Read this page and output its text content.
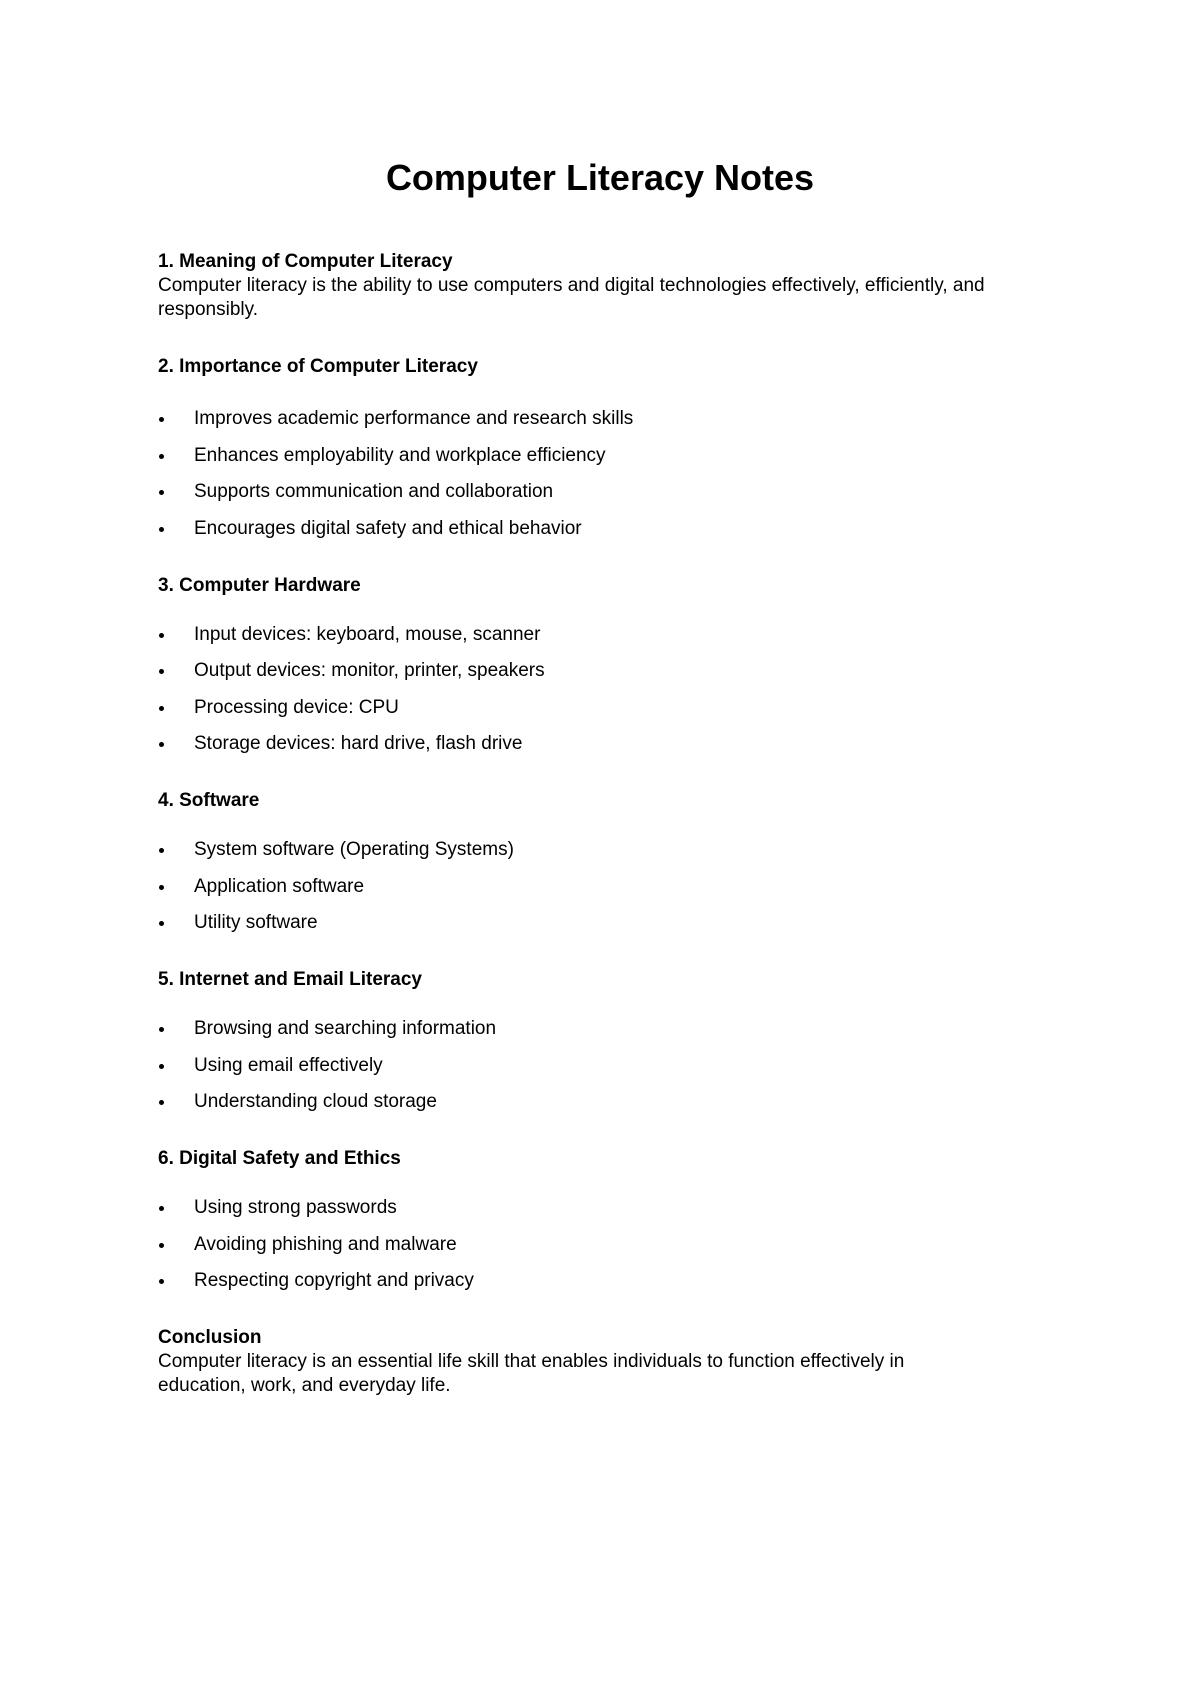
Computer Literacy Notes

1. Meaning of Computer Literacy

Computer literacy is the ability to use computers and digital technologies effectively, efficiently, and responsibly.

2. Importance of Computer Literacy

Improves academic performance and research skills
Enhances employability and workplace efficiency
Supports communication and collaboration
Encourages digital safety and ethical behavior

3. Computer Hardware

Input devices: keyboard, mouse, scanner
Output devices: monitor, printer, speakers
Processing device: CPU
Storage devices: hard drive, flash drive

4. Software

System software (Operating Systems)
Application software
Utility software

5. Internet and Email Literacy

Browsing and searching information
Using email effectively
Understanding cloud storage

6. Digital Safety and Ethics

Using strong passwords
Avoiding phishing and malware
Respecting copyright and privacy

Conclusion

Computer literacy is an essential life skill that enables individuals to function effectively in

education, work, and everyday life.
